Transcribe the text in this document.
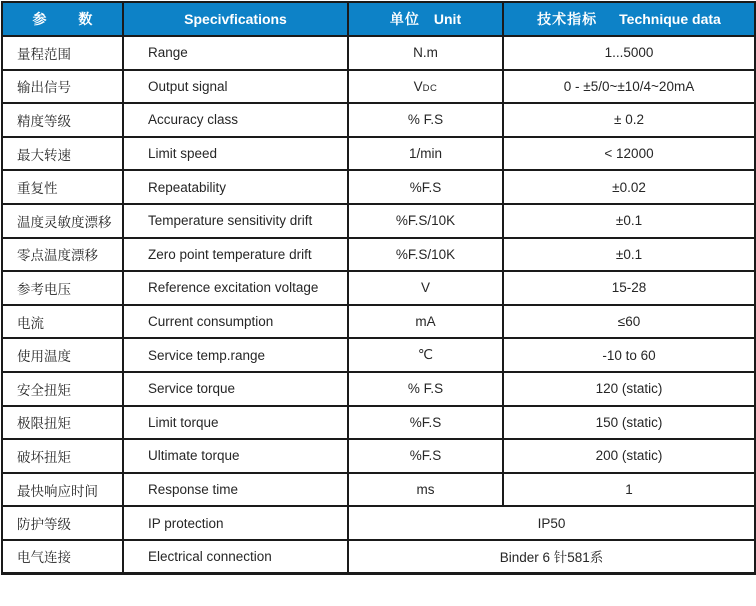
参 数	Specivfications	单位 Unit	技术指标 Technique data

量程范围	Range	N.m	1...5000
输出信号	Output signal	VDC	0 - ±5/0~±10/4~20mA
精度等级	Accuracy class	% F.S	± 0.2
最大转速	Limit speed	1/min	< 12000
重复性	Repeatability	%F.S	±0.02
温度灵敏度漂移	Temperature sensitivity drift	%F.S/10K	±0.1
零点温度漂移	Zero point temperature drift	%F.S/10K	±0.1
参考电压	Reference excitation voltage	V	15-28
电流	Current consumption	mA	≤60
使用温度	Service temp.range	℃	-10 to 60
安全扭矩	Service torque	% F.S	120 (static)
极限扭矩	Limit torque	%F.S	150 (static)
破坏扭矩	Ultimate torque	%F.S	200 (static)
最快响应时间	Response time	ms	1
防护等级	IP protection	IP50	
电气连接	Electrical connection	Binder 6 针581系	
